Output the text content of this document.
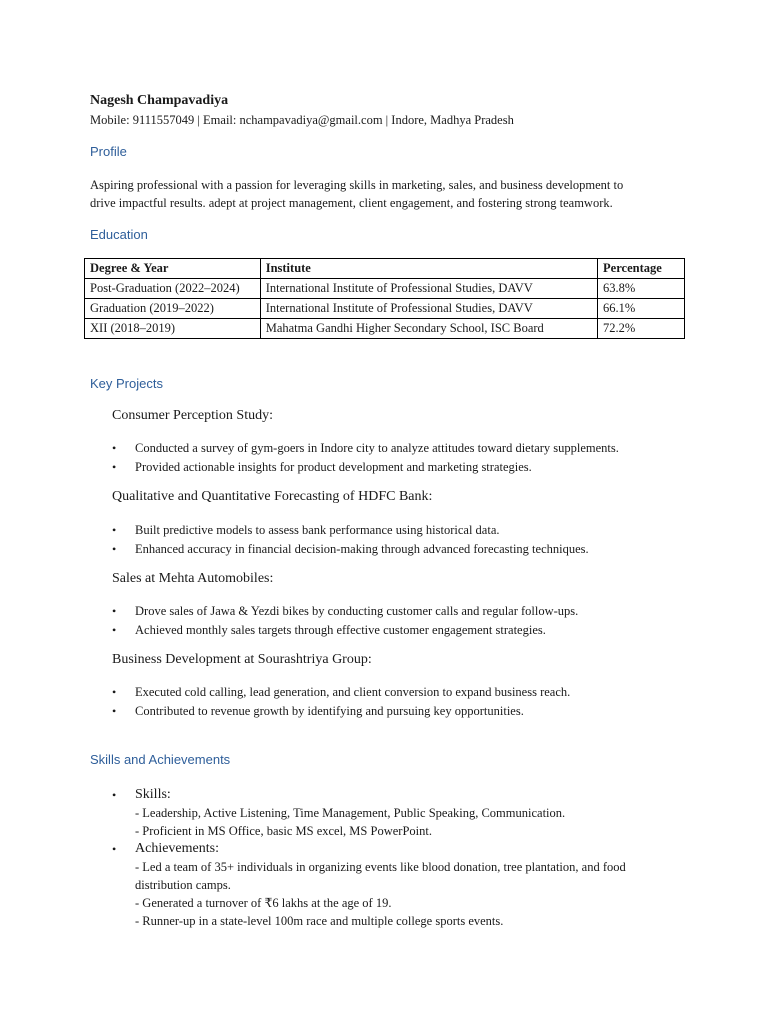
Nagesh Champavadiya

Mobile: 9111557049 | Email: nchampavadiya@gmail.com | Indore, Madhya Pradesh

Profile

Aspiring professional with a passion for leveraging skills in marketing, sales, and business development to

drive impactful results. adept at project management, client engagement, and fostering strong teamwork.

Education

Degree & Year	Institute	Percentage
Post-Graduation (2022–2024)	International Institute of Professional Studies, DAVV	63.8%
Graduation (2019–2022)	International Institute of Professional Studies, DAVV	66.1%
XII (2018–2019)	Mahatma Gandhi Higher Secondary School, ISC Board	72.2%

Key Projects

Consumer Perception Study:

• Conducted a survey of gym-goers in Indore city to analyze attitudes toward dietary supplements.
• Provided actionable insights for product development and marketing strategies.

Qualitative and Quantitative Forecasting of HDFC Bank:

• Built predictive models to assess bank performance using historical data.
• Enhanced accuracy in financial decision-making through advanced forecasting techniques.

Sales at Mehta Automobiles:

• Drove sales of Jawa & Yezdi bikes by conducting customer calls and regular follow-ups.
• Achieved monthly sales targets through effective customer engagement strategies.

Business Development at Sourashtriya Group:

• Executed cold calling, lead generation, and client conversion to expand business reach.
• Contributed to revenue growth by identifying and pursuing key opportunities.

Skills and Achievements

• Skills:
- Leadership, Active Listening, Time Management, Public Speaking, Communication.
- Proficient in MS Office, basic MS excel, MS PowerPoint.
• Achievements:
- Led a team of 35+ individuals in organizing events like blood donation, tree plantation, and food
distribution camps.
- Generated a turnover of ₹6 lakhs at the age of 19.
- Runner-up in a state-level 100m race and multiple college sports events.
